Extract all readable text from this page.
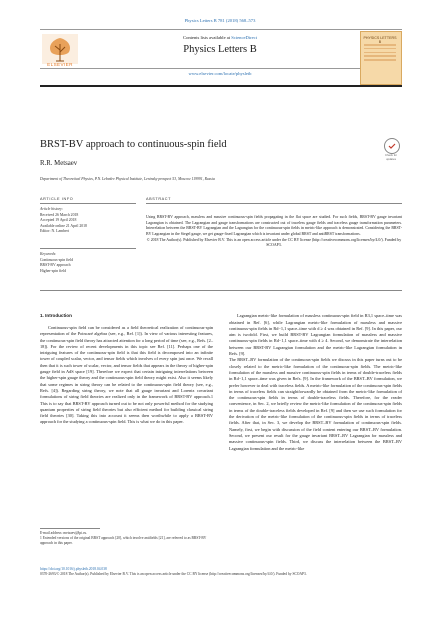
Physics Letters B 781 (2018) 568–573
ELSEVIER
Contents lists available at ScienceDirect
Physics Letters B
www.elsevier.com/locate/physletb
PHYSICS LETTERS B
BRST-BV approach to continuous-spin field
Check for updates
R.R. Metsaev
Department of Theoretical Physics, P.N. Lebedev Physical Institute, Leninsky prospect 53, Moscow 119991, Russia
ARTICLE INFO	ABSTRACT
Article history:
Received 26 March 2018
Accepted 19 April 2018
Available online 21 April 2018
Editor: N. Lambert
Keywords:
Continuous-spin field
BRST-BV approach
Higher-spin field
Using BRST-BV approach, massless and massive continuous-spin fields propagating in the flat space are studied. For such fields, BRST-BV gauge invariant Lagrangian is obtained. The Lagrangian and gauge transformations are constructed out of traceless gauge fields and traceless gauge transformation parameters. Interrelation between the BRST-BV Lagrangian and the Lagrangian for the continuous-spin fields in metric-like approach is demonstrated. Considering the BRST-BV Lagrangian in the Siegel gauge, we get gauge-fixed Lagrangian which is invariant under global BRST and antiBRST transformations.
© 2018 The Author(s). Published by Elsevier B.V. This is an open access article under the CC BY license (http://creativecommons.org/licenses/by/4.0/). Funded by SCOAP3.
1. Introduction

Continuous-spin field can be considered as a field theoretical realization of continuous-spin representation of the Poincaré algebra (see, e.g., Ref. [1]). In view of various interesting features, the continuous-spin field theory has attracted attention for a long period of time (see, e.g., Refs. [2–18]). For the review of recent developments in this topic see Ref. [11]. Perhaps one of the intriguing features of the continuous-spin field is that this field is decomposed into an infinite tower of coupled scalar, vector, and tensor fields which involves of every spin just once. We recall then that it is such tower of scalar, vector, and tensor fields that appears in the theory of higher-spin gauge field in AdS space [19]. Therefore we expect that certain intriguing interrelations between the higher-spin gauge theory and the continuous-spin field theory might exist. Also it seems likely that some regimes in string theory can be related to the continuous-spin field theory (see, e.g., Refs. [4]). Regarding string theory, we note that all gauge invariant and Lorentz covariant formulations of string field theories are realized only in the framework of BRST-BV approach.1 This is to say that BRST-BV approach turned out to be not only powerful method for the studying quantum properties of string field theories but also efficient method for building classical string field theories [30]. Taking this into account it seems then worthwhile to apply a BRST-BV approach for the studying a continuous-spin field. This is what we do in this paper.

Lagrangian metric-like formulation of massless continuous-spin field in R3,1 space–time was obtained in Ref. [6], while Lagrangian metric-like formulation of massless and massive continuous-spin fields in Rd−1,1 space–time with d ≥ 4 was obtained in Ref. [9]. In this paper, our aim is twofold. First, we build BRST-BV Lagrangian formulation of massless and massive continuous-spin fields in Rd−1,1 space–time with d ≥ 4. Second, we demonstrate the interrelation between our BRST-BV Lagrangian formulation and the metric-like Lagrangian formulation in Refs. [9].
The BRST–BV formulation of the continuous-spin fields we discuss in this paper turns out to be closely related to the metric-like formulation of the continuous-spin fields. The metric-like formulation of the massless and massive continuous-spin fields in terms of double-traceless fields in Rd−1,1 space–time was given in Refs. [9]. In the framework of the BRST–BV formulation, we prefer however to deal with traceless fields. A metric-like formulation of the continuous-spin fields in terms of traceless fields can straightforwardly be obtained from the metric-like formulation of the continuous-spin fields in terms of double-traceless fields. Therefore, for the reader convenience, in Sec. 2, we briefly review the metric-like formulation of the continuous-spin fields in terms of the double-traceless fields developed in Ref. [9] and then we use such formulation for the derivation of the metric-like formulation of the continuous-spin fields in terms of traceless fields. After that, in Sec. 3, we develop the BRST–BV formulation of continuous-spin fields. Namely, first, we begin with discussion of the field content entering our BRST–BV formulation. Second, we present our result for the gauge invariant BRST–BV Lagrangian for massless and massive continuous-spin fields. Third, we discuss the interrelation between the BRST–BV Lagrangian formulation and the metric-like

E-mail address: metsaev@lpi.ru.
1 Extended versions of the original BRST approach [20], which involve antifields [21], are referred to as BRST-BV approach in this paper.
https://doi.org/10.1016/j.physletb.2018.04.038
0370-2693/© 2018 The Author(s). Published by Elsevier B.V. This is an open access article under the CC BY license (http://creativecommons.org/licenses/by/4.0/). Funded by SCOAP3.
